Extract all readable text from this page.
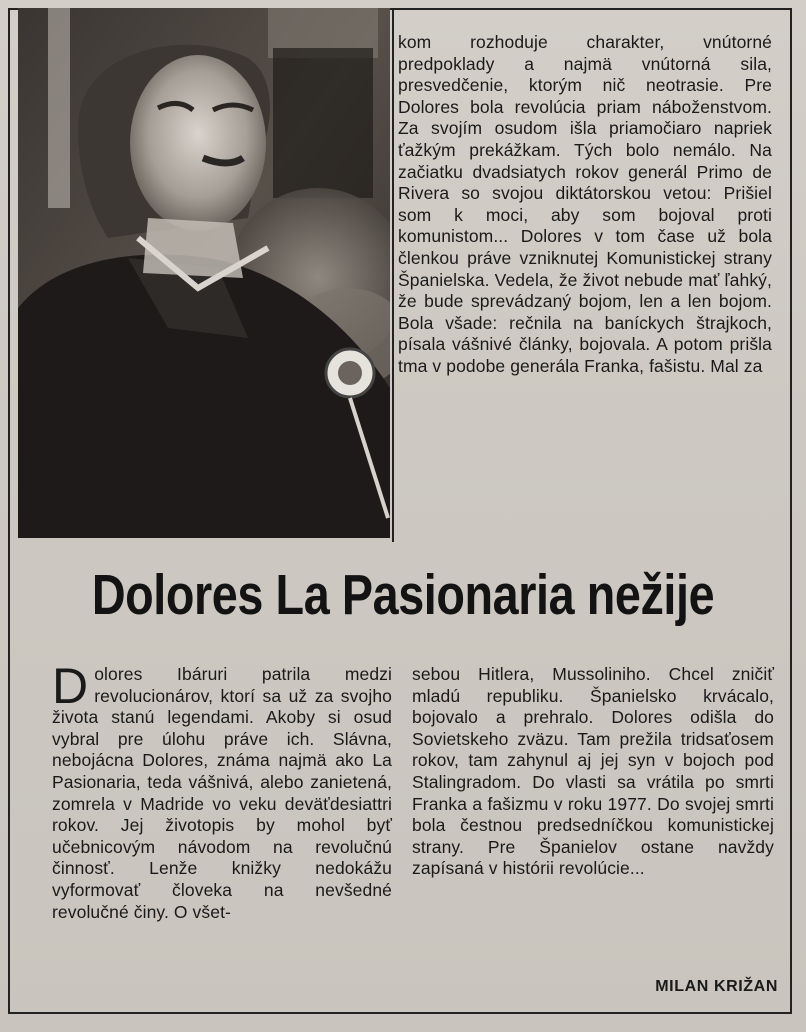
kom rozhoduje charakter, vnútorné predpoklady a najmä vnútorná sila, presvedčenie, ktorým nič neotrasie. Pre Dolores bola revolúcia priam náboženstvom. Za svojím osudom išla priamočiaro napriek ťažkým prekážkam. Tých bolo nemálo. Na začiatku dvadsiatych rokov generál Primo de Rivera so svojou diktátorskou vetou: Prišiel som k moci, aby som bojoval proti komunistom... Dolores v tom čase už bola členkou práve vzniknutej Komunistickej strany Španielska. Vedela, že život nebude mať ľahký, že bude sprevádzaný bojom, len a len bojom. Bola všade: rečnila na baníckych štrajkoch, písala vášnivé články, bojovala. A potom prišla tma v podobe generála Franka, fašistu. Mal za

Dolores La Pasionaria nežije

Dolores Ibáruri patrila medzi revolucionárov, ktorí sa už za svojho života stanú legendami. Akoby si osud vybral pre úlohu práve ich. Slávna, nebojácna Dolores, známa najmä ako La Pasionaria, teda vášnivá, alebo zanietená, zomrela v Madride vo veku deväťdesiattri rokov. Jej životopis by mohol byť učebnicovým návodom na revolučnú činnosť. Lenže knižky nedokážu vyformovať človeka na nevšedné revolučné činy. O všet-

sebou Hitlera, Mussoliniho. Chcel zničiť mladú republiku. Španielsko krvácalo, bojovalo a prehralo. Dolores odišla do Sovietskeho zväzu. Tam prežila tridsaťosem rokov, tam zahynul aj jej syn v bojoch pod Stalingradom. Do vlasti sa vrátila po smrti Franka a fašizmu v roku 1977. Do svojej smrti bola čestnou predsedníčkou komunistickej strany. Pre Španielov ostane navždy zapísaná v histórii revolúcie...

MILAN KRIŽAN
